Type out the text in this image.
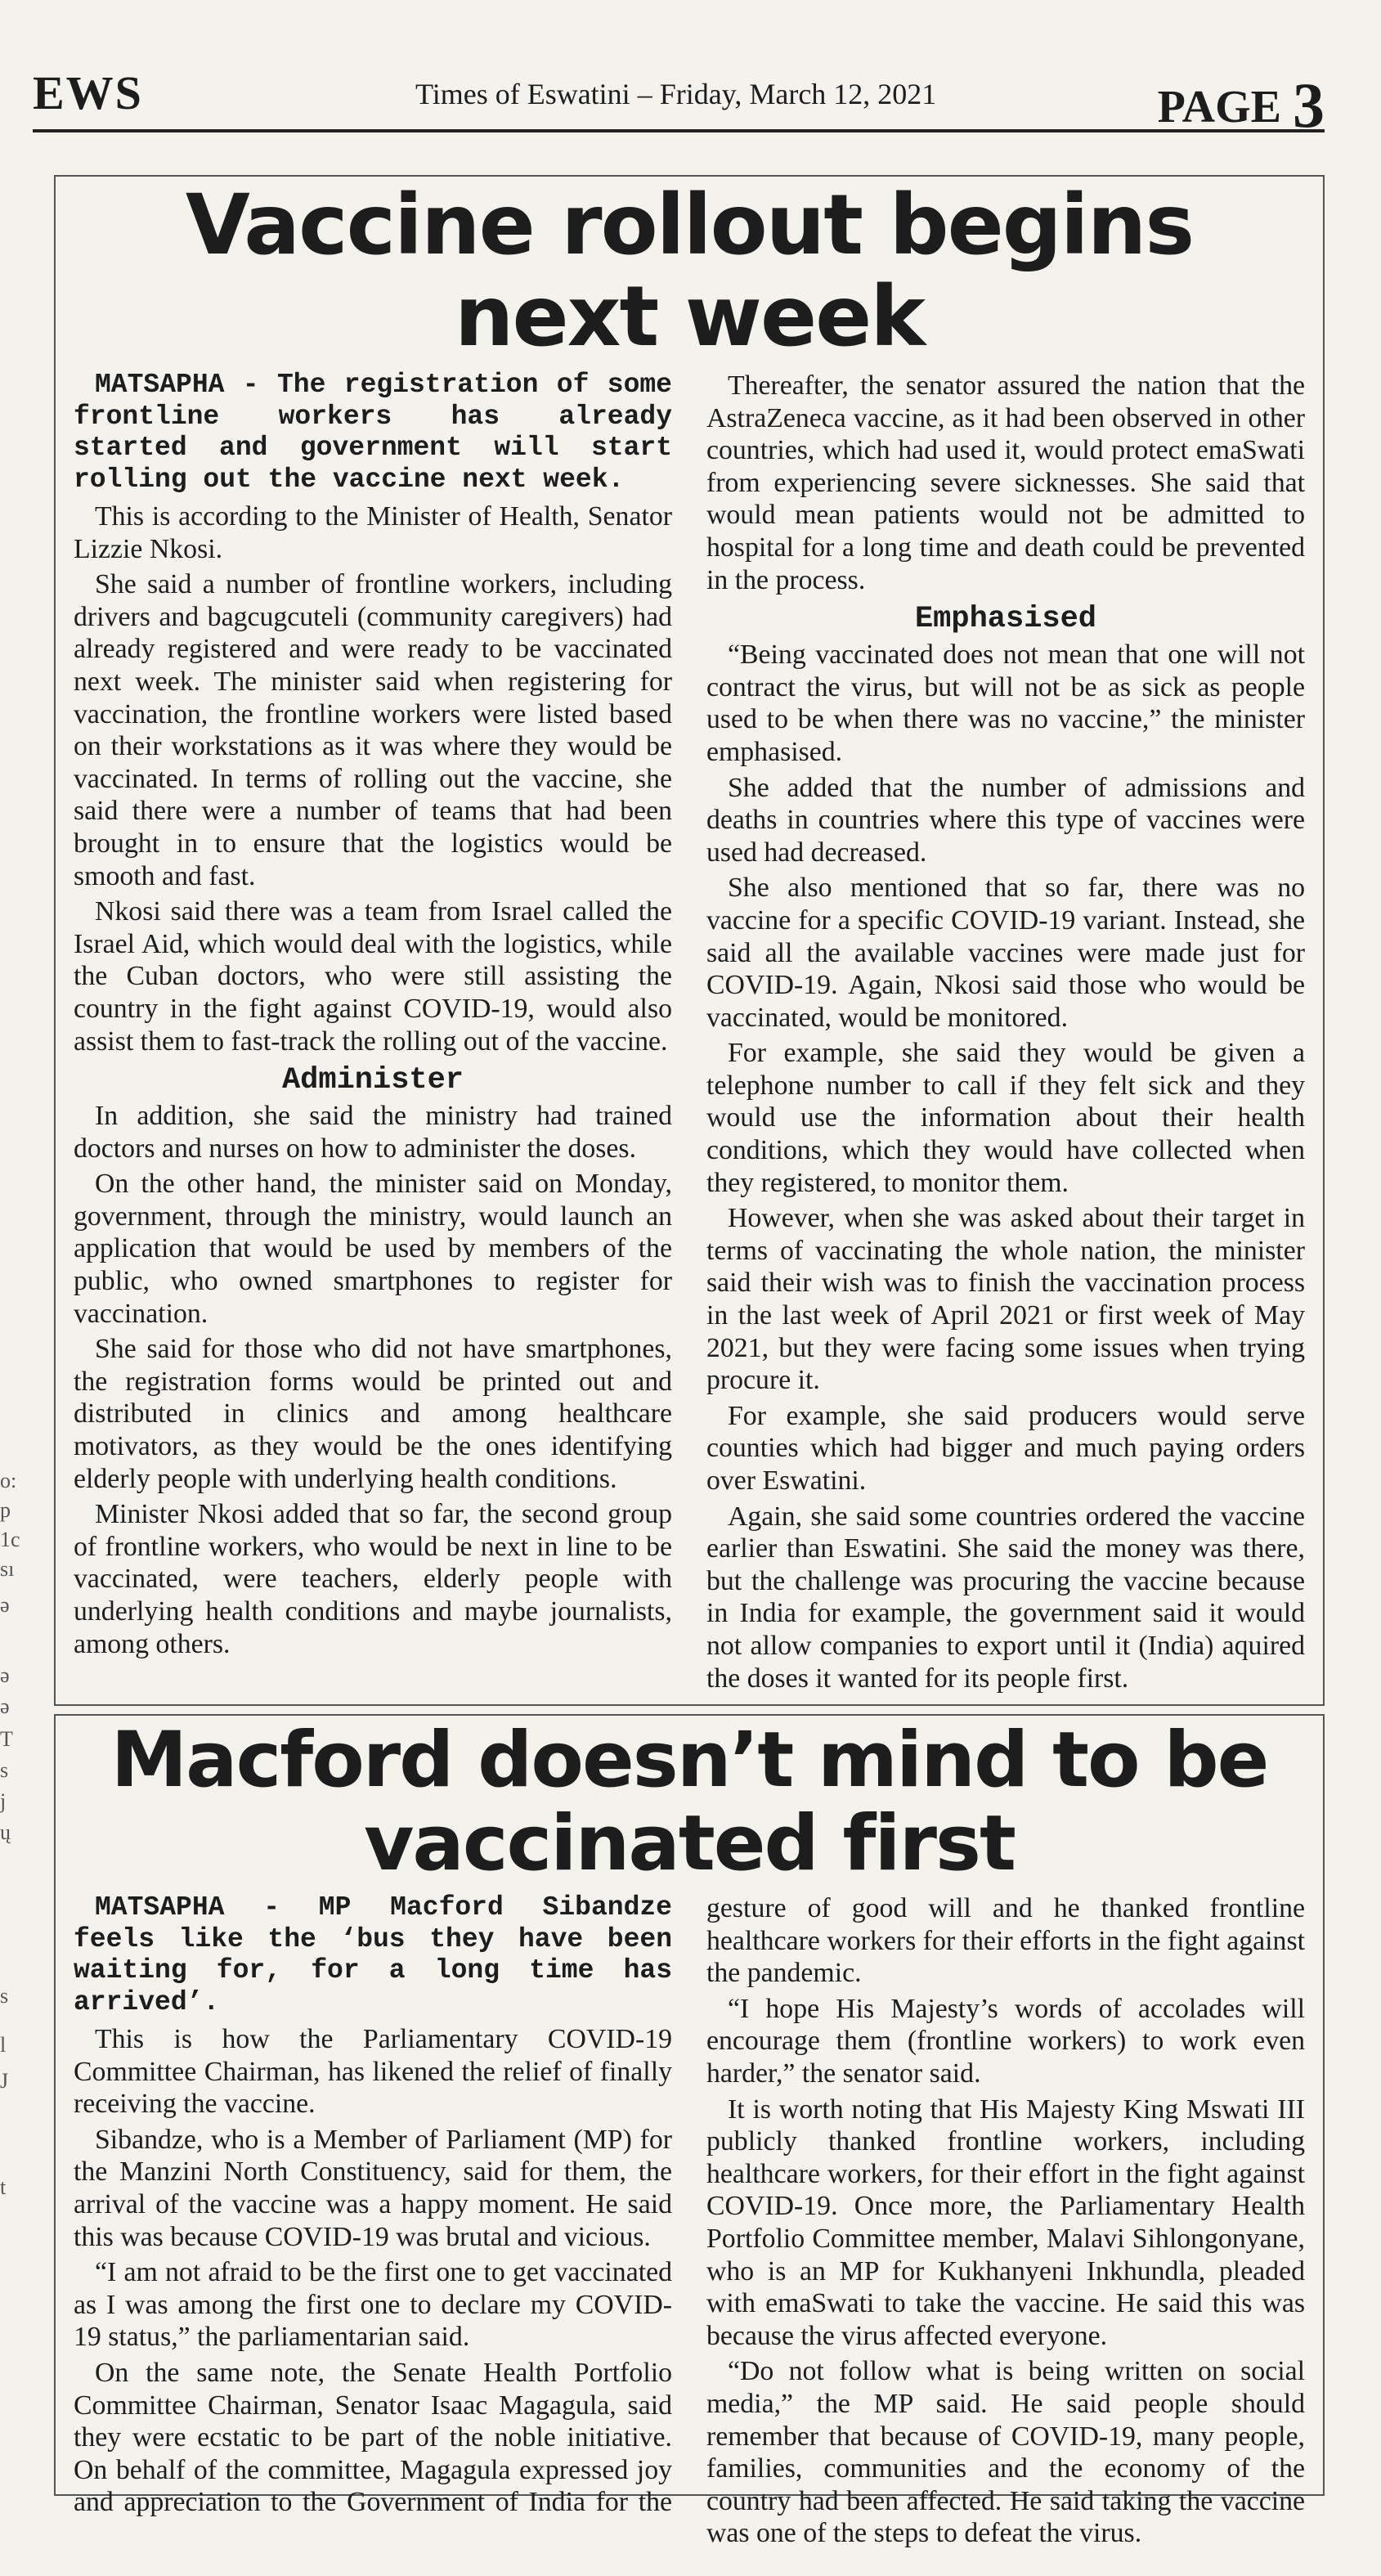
EWS	Times of Eswatini – Friday, March 12, 2021	PAGE 3
o:
p
1c
sı
ə
ə
ə
T
s
j
ų
s
l
J
t
Vaccine rollout begins next week

MATSAPHA - The registration of some frontline workers has already started and government will start rolling out the vaccine next week.

This is according to the Minister of Health, Senator Lizzie Nkosi.

She said a number of frontline workers, including drivers and bagcugcuteli (community caregivers) had already registered and were ready to be vaccinated next week. The minister said when registering for vaccination, the frontline workers were listed based on their workstations as it was where they would be vaccinated. In terms of rolling out the vaccine, she said there were a number of teams that had been brought in to ensure that the logistics would be smooth and fast.

Nkosi said there was a team from Israel called the Israel Aid, which would deal with the logistics, while the Cuban doctors, who were still assisting the country in the fight against COVID-19, would also assist them to fast-track the rolling out of the vaccine.

Administer

In addition, she said the ministry had trained doctors and nurses on how to administer the doses.

On the other hand, the minister said on Monday, government, through the ministry, would launch an application that would be used by members of the public, who owned smartphones to register for vaccination.

She said for those who did not have smartphones, the registration forms would be printed out and distributed in clinics and among healthcare motivators, as they would be the ones identifying elderly people with underlying health conditions.

Minister Nkosi added that so far, the second group of frontline workers, who would be next in line to be vaccinated, were teachers, elderly people with underlying health conditions and maybe journalists, among others.

Thereafter, the senator assured the nation that the AstraZeneca vaccine, as it had been observed in other countries, which had used it, would protect emaSwati from experiencing severe sicknesses. She said that would mean patients would not be admitted to hospital for a long time and death could be prevented in the process.

Emphasised

“Being vaccinated does not mean that one will not contract the virus, but will not be as sick as people used to be when there was no vaccine,” the minister emphasised.

She added that the number of admissions and deaths in countries where this type of vaccines were used had decreased.

She also mentioned that so far, there was no vaccine for a specific COVID-19 variant. Instead, she said all the available vaccines were made just for COVID-19. Again, Nkosi said those who would be vaccinated, would be monitored.

For example, she said they would be given a telephone number to call if they felt sick and they would use the information about their health conditions, which they would have collected when they registered, to monitor them.

However, when she was asked about their target in terms of vaccinating the whole nation, the minister said their wish was to finish the vaccination process in the last week of April 2021 or first week of May 2021, but they were facing some issues when trying procure it.

For example, she said producers would serve counties which had bigger and much paying orders over Eswatini.

Again, she said some countries ordered the vaccine earlier than Eswatini. She said the money was there, but the challenge was procuring the vaccine because in India for example, the government said it would not allow companies to export until it (India) aquired the doses it wanted for its people first.

Macford doesn’t mind to be vaccinated first

MATSAPHA - MP Macford Sibandze feels like the ‘bus they have been waiting for, for a long time has arrived’.

This is how the Parliamentary COVID-19 Committee Chairman, has likened the relief of finally receiving the vaccine.

Sibandze, who is a Member of Parliament (MP) for the Manzini North Constituency, said for them, the arrival of the vaccine was a happy moment. He said this was because COVID-19 was brutal and vicious.

“I am not afraid to be the first one to get vaccinated as I was among the first one to declare my COVID-19 status,” the parliamentarian said.

On the same note, the Senate Health Portfolio Committee Chairman, Senator Isaac Magagula, said they were ecstatic to be part of the noble initiative. On behalf of the committee, Magagula expressed joy and appreciation to the Government of India for the gesture of good will and he thanked frontline healthcare workers for their efforts in the fight against the pandemic.

“I hope His Majesty’s words of accolades will encourage them (frontline workers) to work even harder,” the senator said.

It is worth noting that His Majesty King Mswati III publicly thanked frontline workers, including healthcare workers, for their effort in the fight against COVID-19. Once more, the Parliamentary Health Portfolio Committee member, Malavi Sihlongonyane, who is an MP for Kukhanyeni Inkhundla, pleaded with emaSwati to take the vaccine. He said this was because the virus affected everyone.

“Do not follow what is being written on social media,” the MP said. He said people should remember that because of COVID-19, many people, families, communities and the economy of the country had been affected. He said taking the vaccine was one of the steps to defeat the virus.
